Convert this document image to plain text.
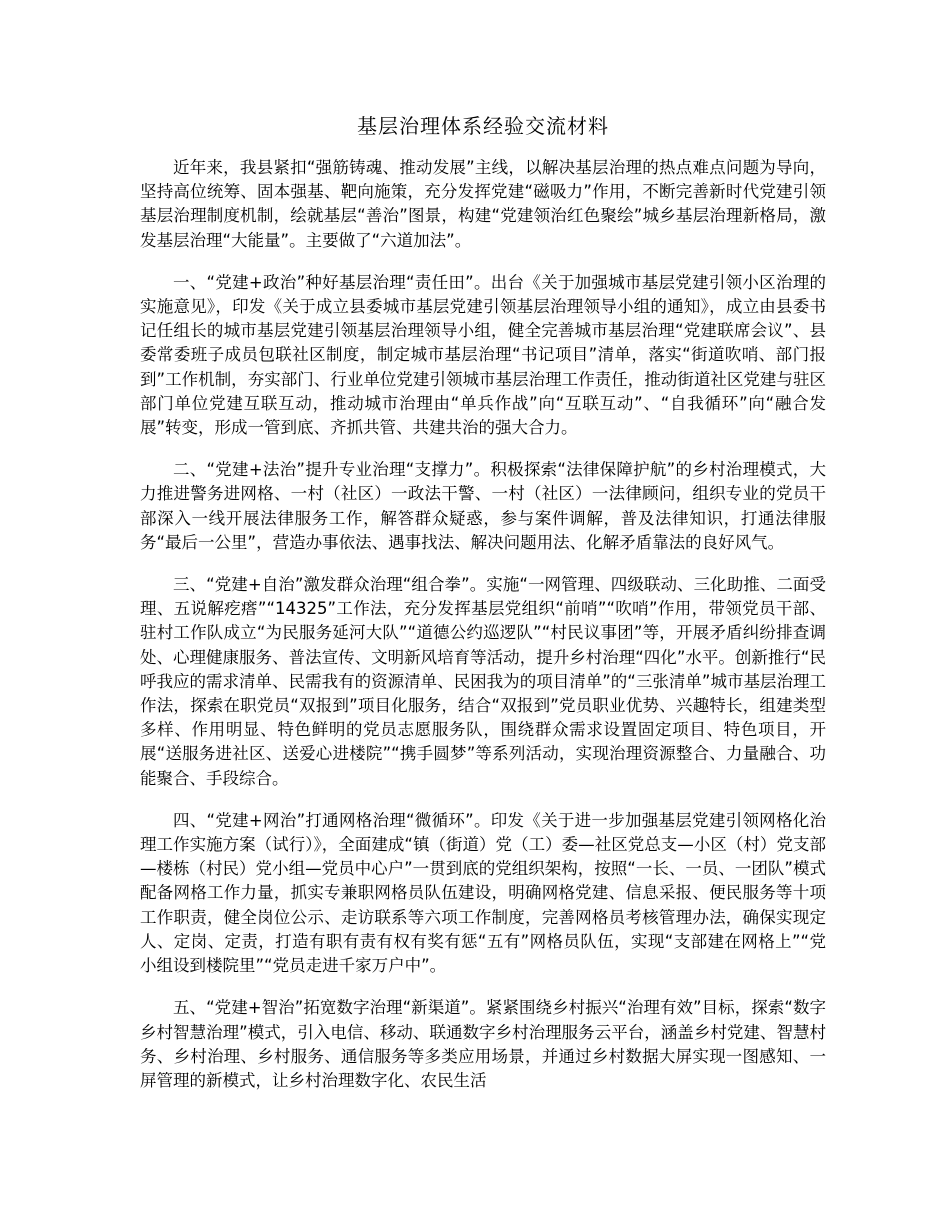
基层治理体系经验交流材料

近年来，我县紧扣“强筋铸魂、推动发展”主线，以解决基层治理的热点难点问题为导向，坚持高位统筹、固本强基、靶向施策，充分发挥党建“磁吸力”作用，不断完善新时代党建引领基层治理制度机制，绘就基层“善治”图景，构建“党建领治红色聚绘”城乡基层治理新格局，激发基层治理“大能量”。主要做了“六道加法”。

一、“党建+政治”种好基层治理“责任田”。出台《关于加强城市基层党建引领小区治理的实施意见》，印发《关于成立县委城市基层党建引领基层治理领导小组的通知》，成立由县委书记任组长的城市基层党建引领基层治理领导小组，健全完善城市基层治理“党建联席会议”、县委常委班子成员包联社区制度，制定城市基层治理“书记项目”清单，落实“街道吹哨、部门报到”工作机制，夯实部门、行业单位党建引领城市基层治理工作责任，推动街道社区党建与驻区部门单位党建互联互动，推动城市治理由“单兵作战”向“互联互动”、“自我循环”向“融合发展”转变，形成一管到底、齐抓共管、共建共治的强大合力。

二、“党建+法治”提升专业治理“支撑力”。积极探索“法律保障护航”的乡村治理模式，大力推进警务进网格、一村（社区）一政法干警、一村（社区）一法律顾问，组织专业的党员干部深入一线开展法律服务工作，解答群众疑惑，参与案件调解，普及法律知识，打通法律服务“最后一公里”，营造办事依法、遇事找法、解决问题用法、化解矛盾靠法的良好风气。

三、“党建+自治”激发群众治理“组合拳”。实施“一网管理、四级联动、三化助推、二面受理、五说解疙瘩”“14325”工作法，充分发挥基层党组织“前哨”“吹哨”作用，带领党员干部、驻村工作队成立“为民服务延河大队”“道德公约巡逻队”“村民议事团”等，开展矛盾纠纷排查调处、心理健康服务、普法宣传、文明新风培育等活动，提升乡村治理“四化”水平。创新推行“民呼我应的需求清单、民需我有的资源清单、民困我为的项目清单”的“三张清单”城市基层治理工作法，探索在职党员“双报到”项目化服务，结合“双报到”党员职业优势、兴趣特长，组建类型多样、作用明显、特色鲜明的党员志愿服务队，围绕群众需求设置固定项目、特色项目，开展“送服务进社区、送爱心进楼院”“携手圆梦”等系列活动，实现治理资源整合、力量融合、功能聚合、手段综合。

四、“党建+网治”打通网格治理“微循环”。印发《关于进一步加强基层党建引领网格化治理工作实施方案（试行）》，全面建成“镇（街道）党（工）委—社区党总支—小区（村）党支部—楼栋（村民）党小组—党员中心户”一贯到底的党组织架构，按照“一长、一员、一团队”模式配备网格工作力量，抓实专兼职网格员队伍建设，明确网格党建、信息采报、便民服务等十项工作职责，健全岗位公示、走访联系等六项工作制度，完善网格员考核管理办法，确保实现定人、定岗、定责，打造有职有责有权有奖有惩“五有”网格员队伍，实现“支部建在网格上”“党小组设到楼院里”“党员走进千家万户中”。

五、“党建+智治”拓宽数字治理“新渠道”。紧紧围绕乡村振兴“治理有效”目标，探索“数字乡村智慧治理”模式，引入电信、移动、联通数字乡村治理服务云平台，涵盖乡村党建、智慧村务、乡村治理、乡村服务、通信服务等多类应用场景，并通过乡村数据大屏实现一图感知、一屏管理的新模式，让乡村治理数字化、农民生活
